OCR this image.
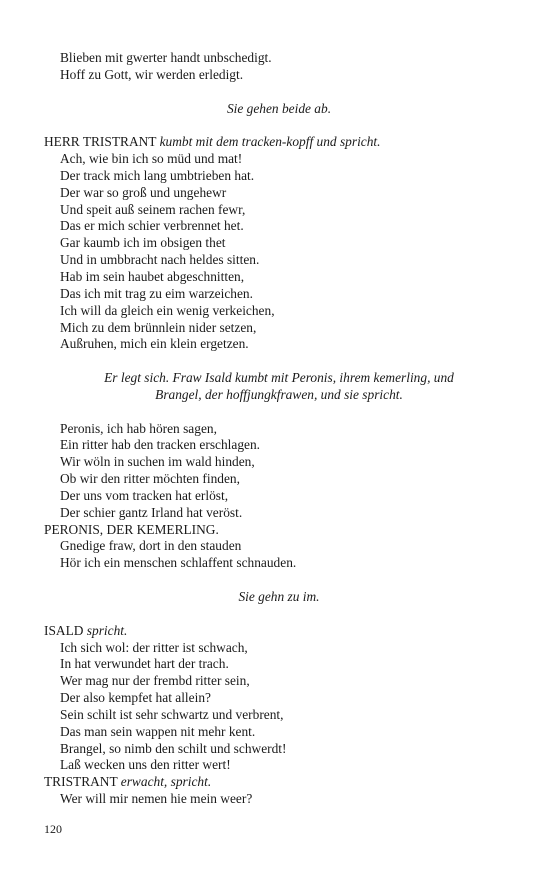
Blieben mit gwerter handt unbschedigt.
Hoff zu Gott, wir werden erledigt.
Sie gehen beide ab.
HERR TRISTRANT kumbt mit dem tracken-kopff und spricht.
Ach, wie bin ich so müd und mat!
Der track mich lang umbtrieben hat.
Der war so groß und ungehewr
Und speit auß seinem rachen fewr,
Das er mich schier verbrennet het.
Gar kaumb ich im obsigen thet
Und in umbbracht nach heldes sitten.
Hab im sein haubet abgeschnitten,
Das ich mit trag zu eim warzeichen.
Ich will da gleich ein wenig verkeichen,
Mich zu dem brünnlein nider setzen,
Außruhen, mich ein klein ergetzen.
Er legt sich. Fraw Isald kumbt mit Peronis, ihrem kemerling, und
Brangel, der hoffjungkfrawen, und sie spricht.
Peronis, ich hab hören sagen,
Ein ritter hab den tracken erschlagen.
Wir wöln in suchen im wald hinden,
Ob wir den ritter möchten finden,
Der uns vom tracken hat erlöst,
Der schier gantz Irland hat veröst.
PERONIS, DER KEMERLING.
Gnedige fraw, dort in den stauden
Hör ich ein menschen schlaffent schnauden.
Sie gehn zu im.
ISALD spricht.
Ich sich wol: der ritter ist schwach,
In hat verwundet hart der trach.
Wer mag nur der frembd ritter sein,
Der also kempfet hat allein?
Sein schilt ist sehr schwartz und verbrent,
Das man sein wappen nit mehr kent.
Brangel, so nimb den schilt und schwerdt!
Laß wecken uns den ritter wert!
TRISTRANT erwacht, spricht.
Wer will mir nemen hie mein weer?
120
